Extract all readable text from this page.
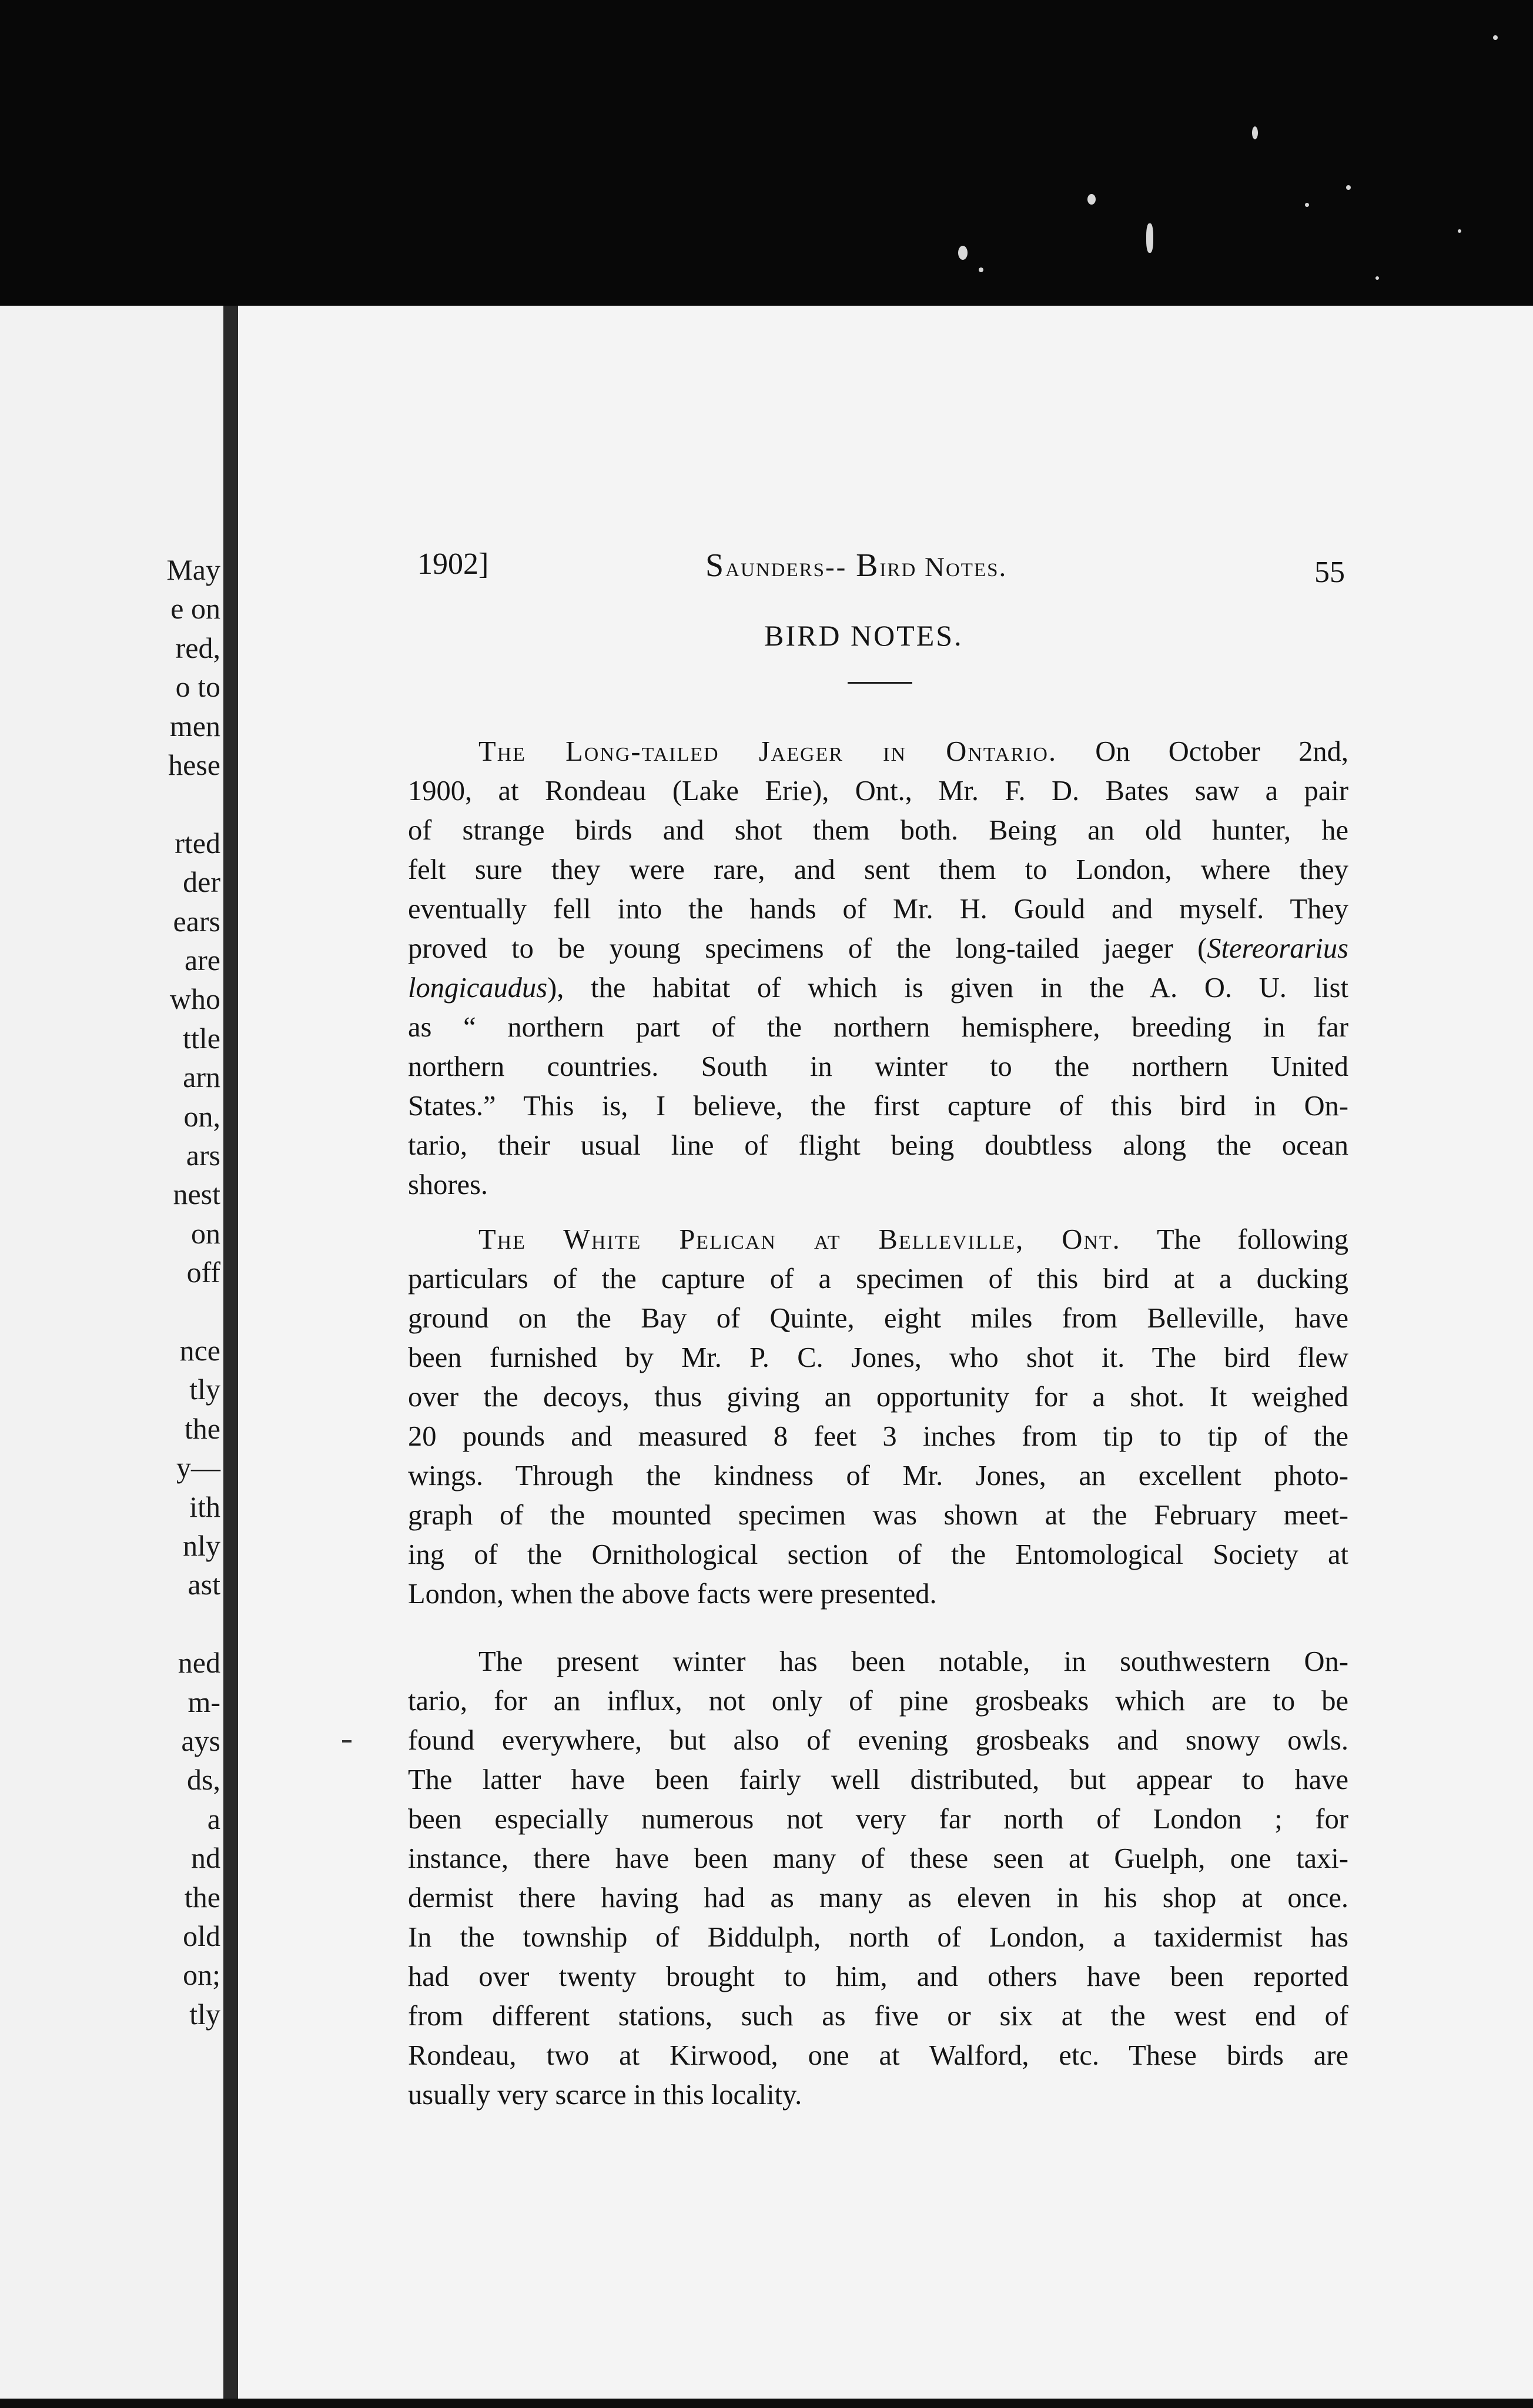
May
e on
red,
o to
men
hese
rted
der
ears
are
who
ttle
arn
on,
ars
nest
on
off
nce
tly
the
y—
ith
nly
ast
ned
m-
ays
ds,
a
nd
the
old
on;
tly
1902]	Saunders-- Bird Notes.	55
BIRD NOTES.
The Long-tailed Jaeger in Ontario. On October 2nd,
1900, at Rondeau (Lake Erie), Ont., Mr. F. D. Bates saw a pair
of strange birds and shot them both. Being an old hunter, he
felt sure they were rare, and sent them to London, where they
eventually fell into the hands of Mr. H. Gould and myself. They
proved to be young specimens of the long-tailed jaeger (Stereorarius
longicaudus), the habitat of which is given in the A. O. U. list
as “ northern part of the northern hemisphere, breeding in far
northern countries. South in winter to the northern United
States.” This is, I believe, the first capture of this bird in On-
tario, their usual line of flight being doubtless along the ocean
shores.
The White Pelican at Belleville, Ont. The following
particulars of the capture of a specimen of this bird at a ducking
ground on the Bay of Quinte, eight miles from Belleville, have
been furnished by Mr. P. C. Jones, who shot it. The bird flew
over the decoys, thus giving an opportunity for a shot. It weighed
20 pounds and measured 8 feet 3 inches from tip to tip of the
wings. Through the kindness of Mr. Jones, an excellent photo-
graph of the mounted specimen was shown at the February meet-
ing of the Ornithological section of the Entomological Society at
London, when the above facts were presented.
The present winter has been notable, in southwestern On-
tario, for an influx, not only of pine grosbeaks which are to be
found everywhere, but also of evening grosbeaks and snowy owls.
The latter have been fairly well distributed, but appear to have
been especially numerous not very far north of London ; for
instance, there have been many of these seen at Guelph, one taxi-
dermist there having had as many as eleven in his shop at once.
In the township of Biddulph, north of London, a taxidermist has
had over twenty brought to him, and others have been reported
from different stations, such as five or six at the west end of
Rondeau, two at Kirwood, one at Walford, etc. These birds are
usually very scarce in this locality.
